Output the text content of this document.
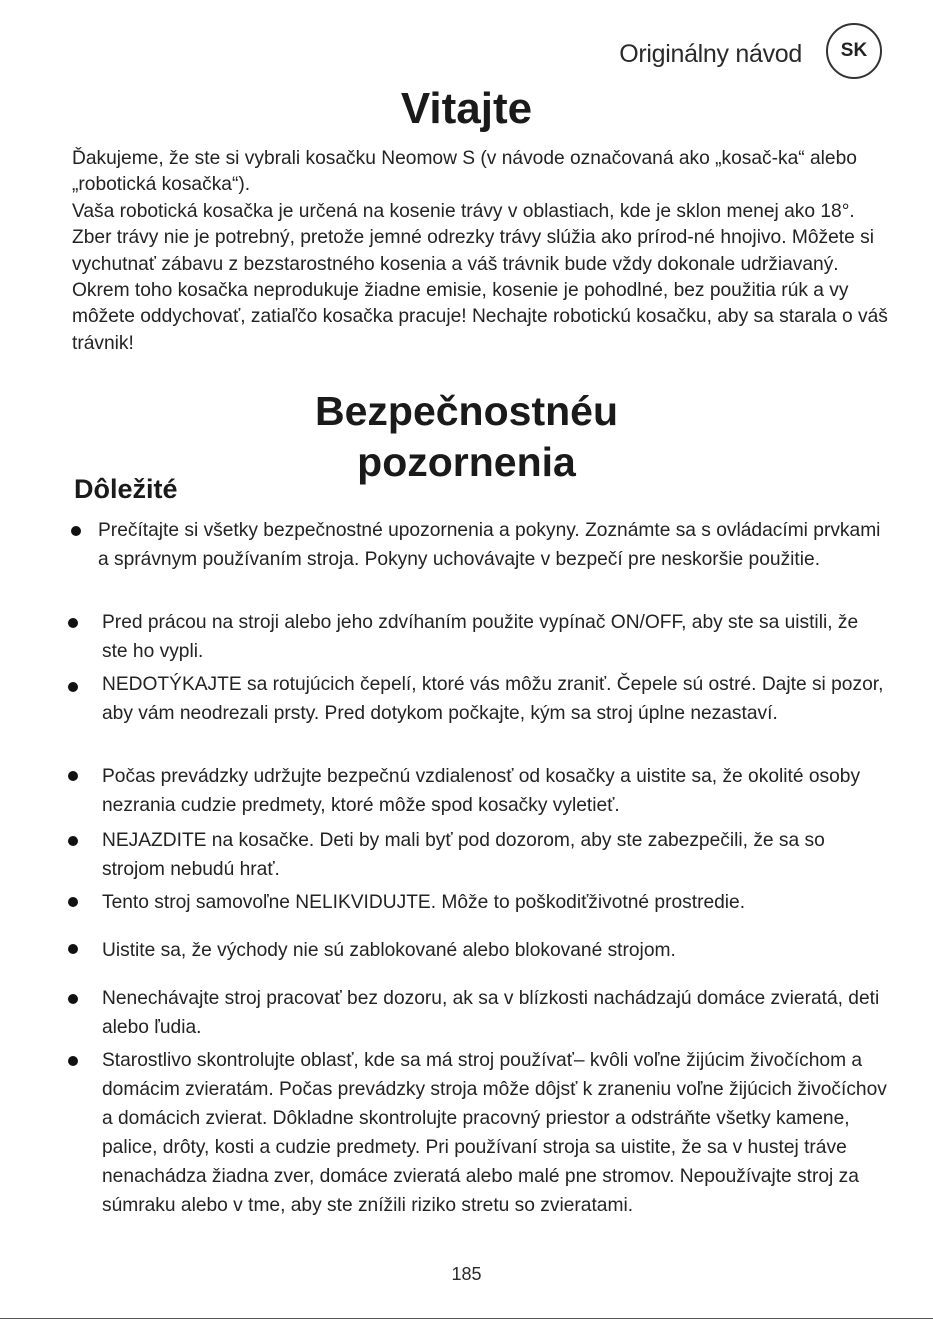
Originálny návod	SK
Vitajte

Ďakujeme, že ste si vybrali kosačku Neomow S (v návode označovaná ako „kosač-ka“ alebo „robotická kosačka“).

Vaša robotická kosačka je určená na kosenie trávy v oblastiach, kde je sklon menej ako 18°. Zber trávy nie je potrebný, pretože jemné odrezky trávy slúžia ako prírod-né hnojivo. Môžete si vychutnať zábavu z bezstarostného kosenia a váš trávnik bude vždy dokonale udržiavaný. Okrem toho kosačka neprodukuje žiadne emisie, kosenie je pohodlné, bez použitia rúk a vy môžete oddychovať, zatiaľčo kosačka pracuje! Nechajte robotickú kosačku, aby sa starala o váš trávnik!

Bezpečnostnéu
pozornenia
Dôležité
Prečítajte si všetky bezpečnostné upozornenia a pokyny. Zoznámte sa s ovládacími prvkami a správnym používaním stroja. Pokyny uchovávajte v bezpečí pre neskoršie použitie.
Pred prácou na stroji alebo jeho zdvíhaním použite vypínač ON/OFF, aby ste sa uistili, že ste ho vypli.
NEDOTÝKAJTE sa rotujúcich čepelí, ktoré vás môžu zraniť. Čepele sú ostré. Dajte si pozor, aby vám neodrezali prsty. Pred dotykom počkajte, kým sa stroj úplne nezastaví.
Počas prevádzky udržujte bezpečnú vzdialenosť od kosačky a uistite sa, že okolité osoby nezrania cudzie predmety, ktoré môže spod kosačky vyletieť.
NEJAZDITE na kosačke. Deti by mali byť pod dozorom, aby ste zabezpečili, že sa so strojom nebudú hrať.
Tento stroj samovoľne NELIKVIDUJTE. Môže to poškodiťživotné prostredie.
Uistite sa, že východy nie sú zablokované alebo blokované strojom.
Nenechávajte stroj pracovať bez dozoru, ak sa v blízkosti nachádzajú domáce zvieratá, deti alebo ľudia.
Starostlivo skontrolujte oblasť, kde sa má stroj používať– kvôli voľne žijúcim živočíchom a domácim zvieratám. Počas prevádzky stroja môže dôjsť k zraneniu voľne žijúcich živočíchov a domácich zvierat. Dôkladne skontrolujte pracovný priestor a odstráňte všetky kamene, palice, drôty, kosti a cudzie predmety. Pri používaní stroja sa uistite, že sa v hustej tráve nenachádza žiadna zver, domáce zvieratá alebo malé pne stromov. Nepoužívajte stroj za súmraku alebo v tme, aby ste znížili riziko stretu so zvieratami.
185
